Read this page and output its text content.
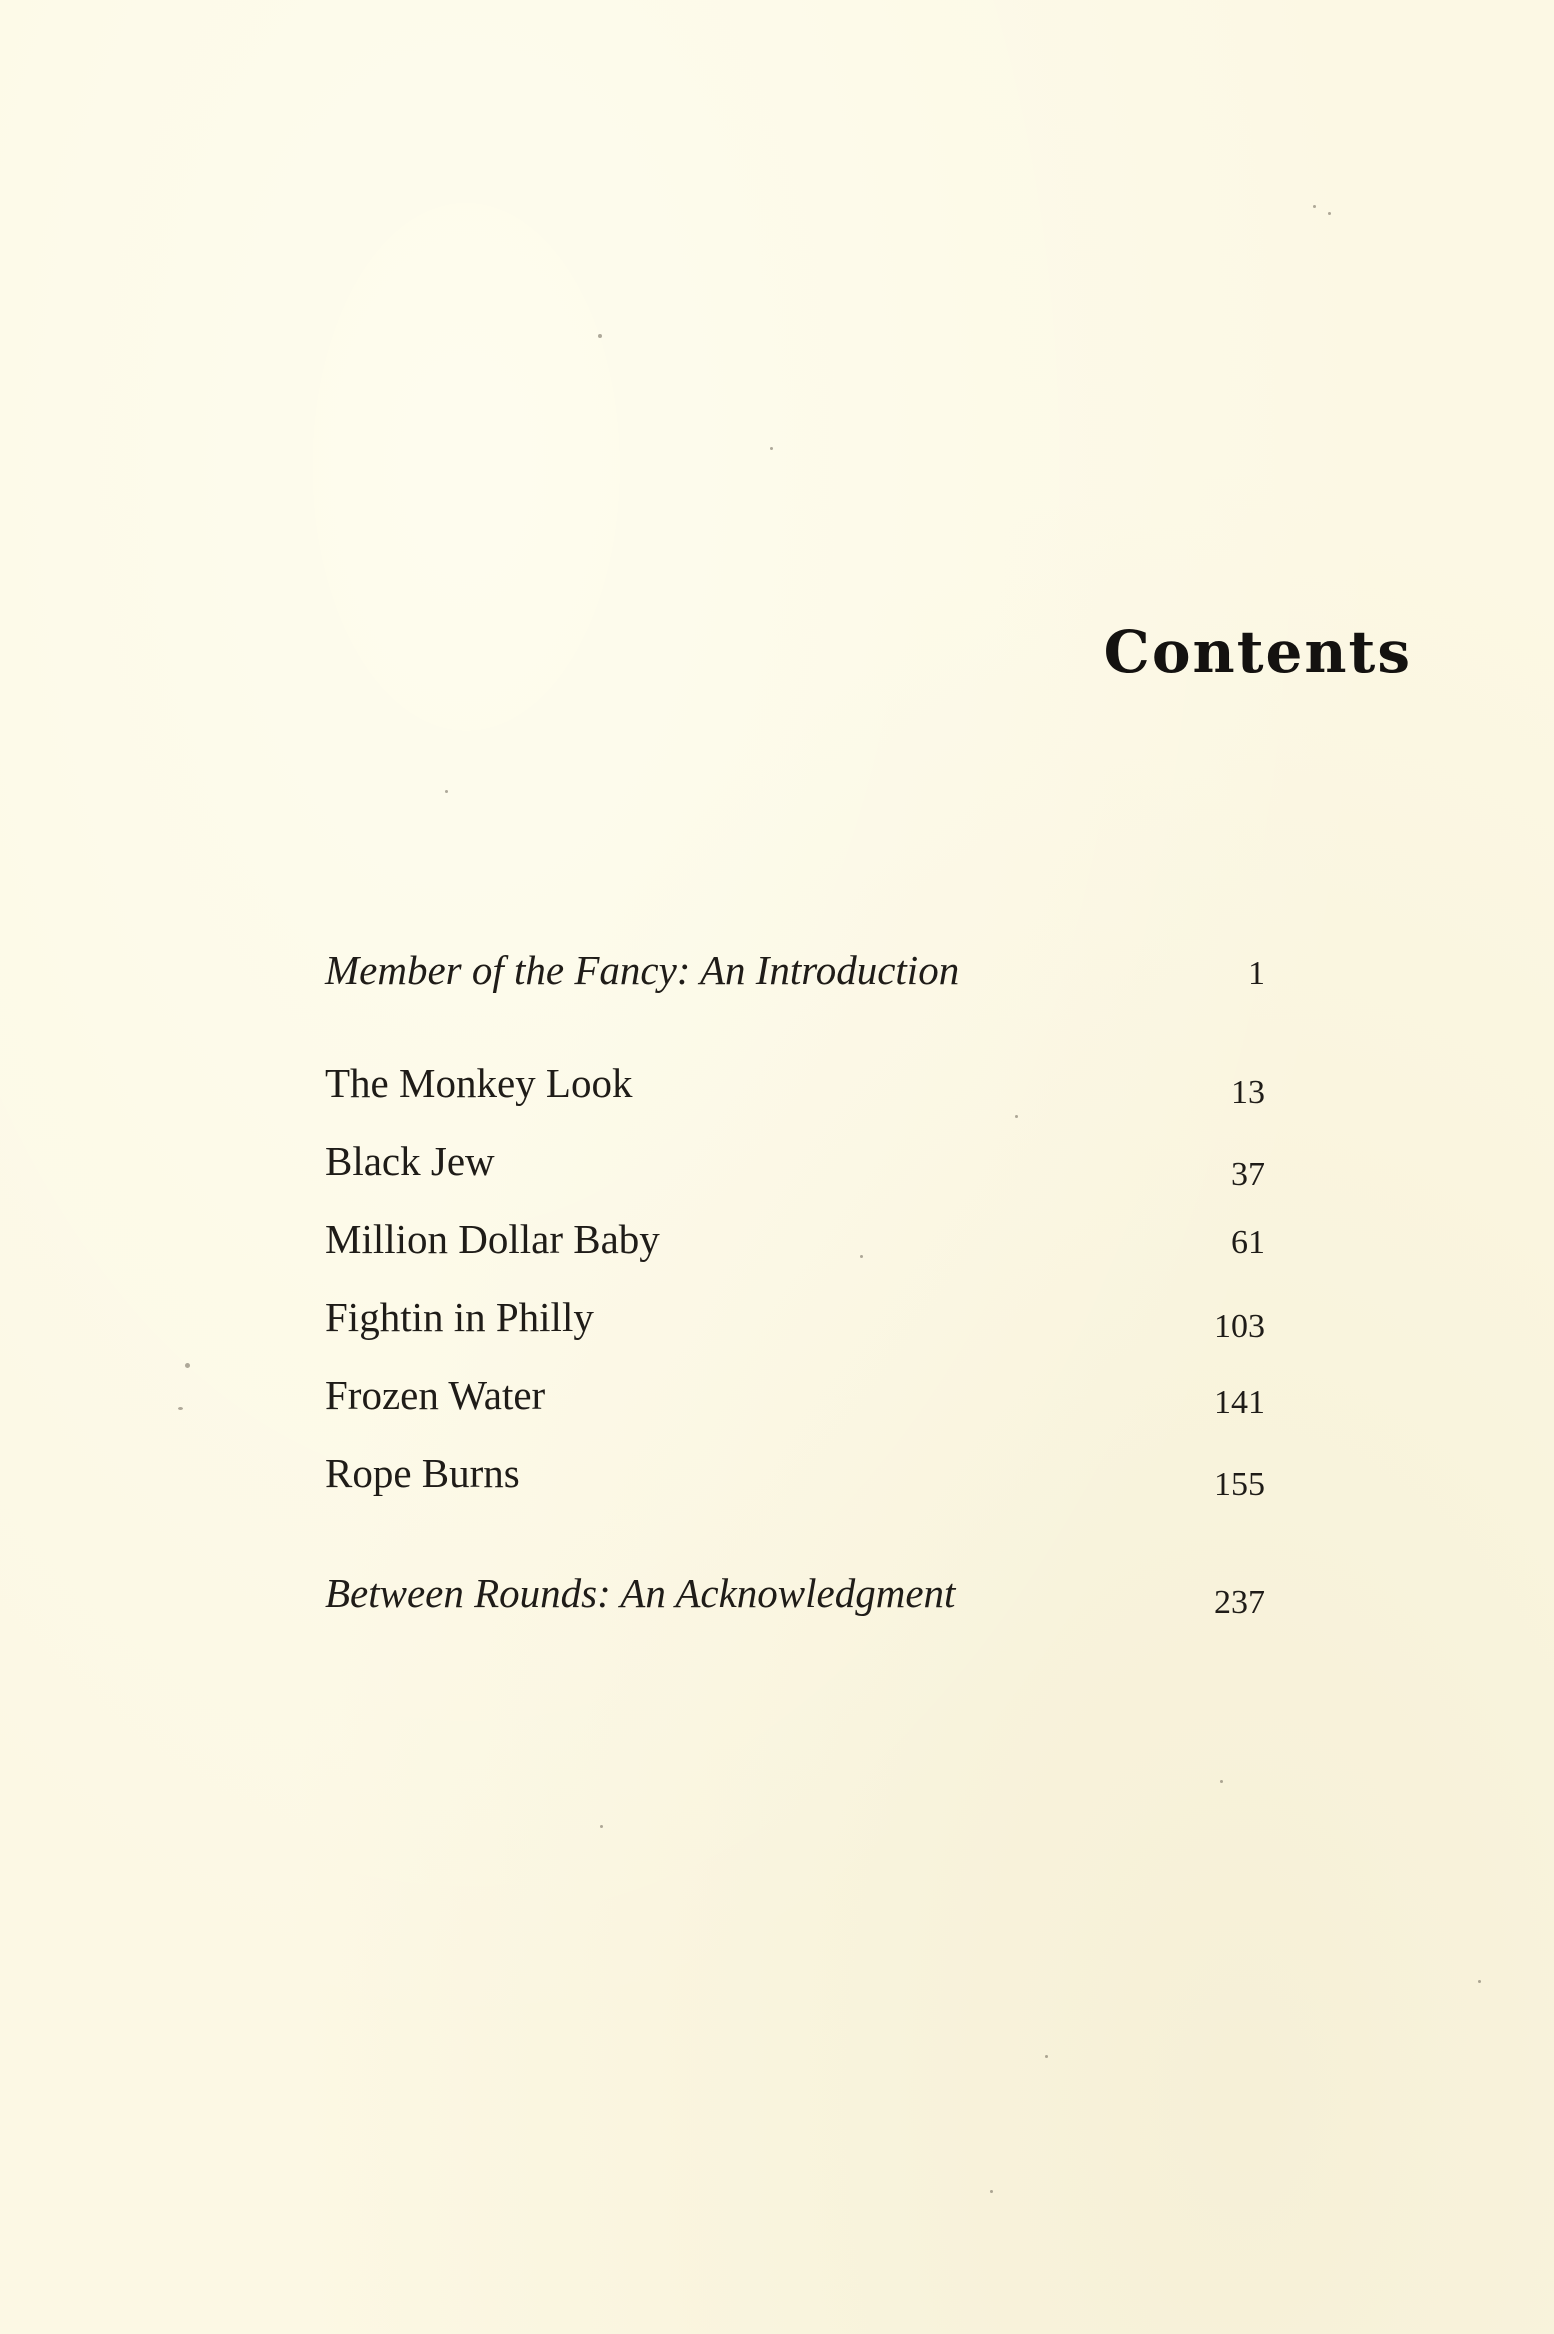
Contents
Member of the Fancy: An Introduction	1
The Monkey Look	13
Black Jew	37
Million Dollar Baby	61
Fightin in Philly	103
Frozen Water	141
Rope Burns	155
Between Rounds: An Acknowledgment	237
